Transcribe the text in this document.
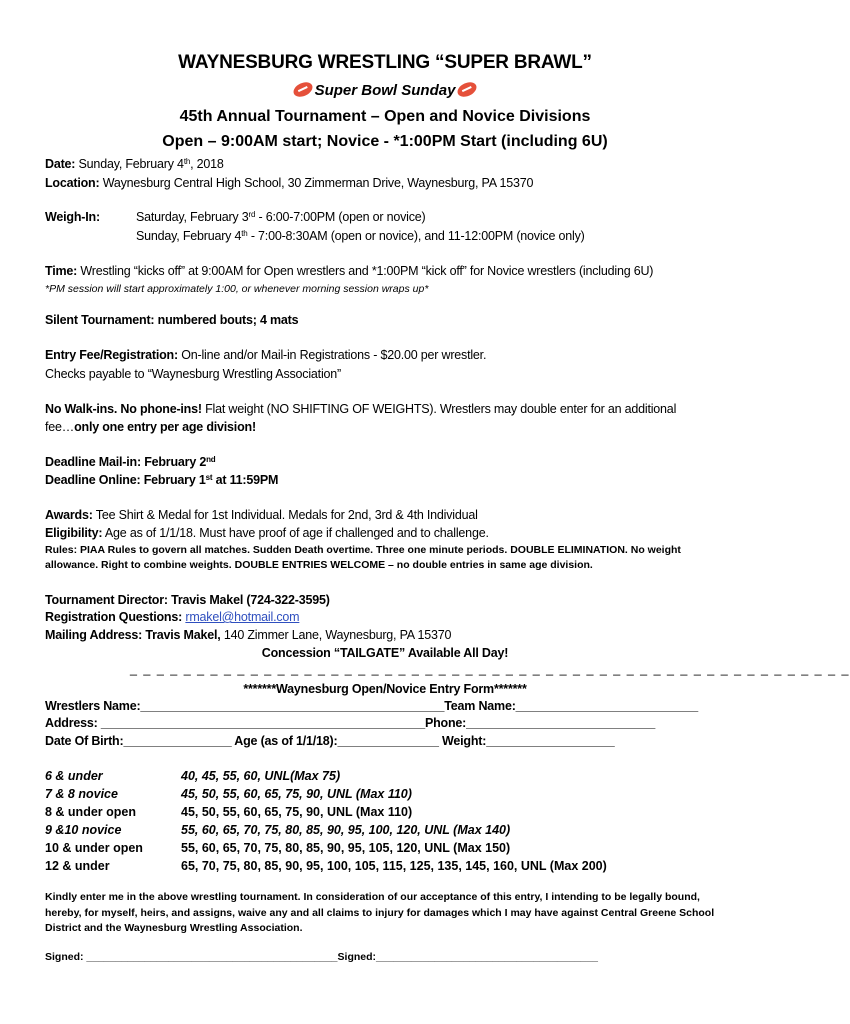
WAYNESBURG WRESTLING “SUPER BRAWL”
Super Bowl Sunday
45th Annual Tournament – Open and Novice Divisions
Open – 9:00AM start; Novice - *1:00PM Start (including 6U)
Date: Sunday, February 4th, 2018
Location: Waynesburg Central High School, 30 Zimmerman Drive, Waynesburg, PA 15370
Weigh-In:	Saturday, February 3rd - 6:00-7:00PM (open or novice)
Sunday, February 4th - 7:00-8:30AM (open or novice), and 11-12:00PM (novice only)
Time: Wrestling “kicks off” at 9:00AM for Open wrestlers and *1:00PM “kick off” for Novice wrestlers (including 6U)
*PM session will start approximately 1:00, or whenever morning session wraps up*
Silent Tournament: numbered bouts; 4 mats
Entry Fee/Registration: On-line and/or Mail-in Registrations - $20.00 per wrestler.
Checks payable to “Waynesburg Wrestling Association”
No Walk-ins. No phone-ins! Flat weight (NO SHIFTING OF WEIGHTS). Wrestlers may double enter for an additional
fee…only one entry per age division!
Deadline Mail-in: February 2nd
Deadline Online: February 1st at 11:59PM
Awards: Tee Shirt & Medal for 1st Individual. Medals for 2nd, 3rd & 4th Individual
Eligibility: Age as of 1/1/18. Must have proof of age if challenged and to challenge.
Rules: PIAA Rules to govern all matches. Sudden Death overtime. Three one minute periods. DOUBLE ELIMINATION. No weight
allowance. Right to combine weights. DOUBLE ENTRIES WELCOME – no double entries in same age division.
Tournament Director: Travis Makel (724-322-3595)
Registration Questions: rmakel@hotmail.com
Mailing Address: Travis Makel, 140 Zimmer Lane, Waynesburg, PA 15370
Concession “TAILGATE” Available All Day!
_ _ _ _ _ _ _ _ _ _ _ _ _ _ _ _ _ _ _ _ _ _ _ _ _ _ _ _ _ _ _ _ _ _ _ _ _ _ _ _ _ _ _ _ _ _ _ _ _ _ _ _ _ _
*******Waynesburg Open/Novice Entry Form*******
Wrestlers Name:_____________________________________________Team Name:___________________________
Address: ________________________________________________Phone:____________________________
Date Of Birth:________________ Age (as of 1/1/18):_______________ Weight:___________________
6 & under	40, 45, 55, 60, UNL(Max 75)
7 & 8 novice	45, 50, 55, 60, 65, 75, 90, UNL (Max 110)
8 & under open	45, 50, 55, 60, 65, 75, 90, UNL (Max 110)
9 &10 novice	55, 60, 65, 70, 75, 80, 85, 90, 95, 100, 120, UNL (Max 140)
10 & under open	55, 60, 65, 70, 75, 80, 85, 90, 95, 105, 120, UNL (Max 150)
12 & under	65, 70, 75, 80, 85, 90, 95, 100, 105, 115, 125, 135, 145, 160, UNL (Max 200)
Kindly enter me in the above wrestling tournament. In consideration of our acceptance of this entry, I intending to be legally bound,
hereby, for myself, heirs, and assigns, waive any and all claims to injury for damages which I may have against Central Greene School
District and the Waynesburg Wrestling Association.
Signed: ___________________________________________Signed:______________________________________
